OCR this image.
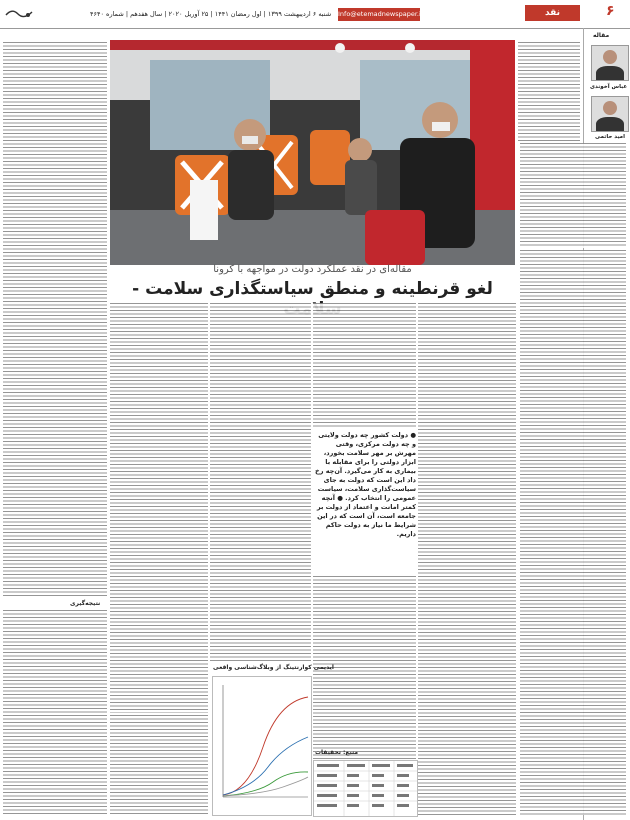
شنبه ۶ اردیبهشت ۱۳۹۹ | اول رمضان ۱۴۴۱ | ۲۵ آوریل ۲۰۲۰ | سال هفدهم | شماره ۴۶۴۰ Info@etemadnewspaper.ir	نقد	۶
مقاله
عباس آخوندی
امید حاتمی
مقاله‌ای در نقد عملکرد دولت در مواجهه با کرونا
لغو قرنطینه و منطق سیاستگذاری سلامت -
نتیجه‌گیری
● دولت کشور چه دولت ولایتی و چه دولت مرکزی، وقتی مهرش بر مهر سلامت بخورد، ابزار دولتی را برای مقابله با بیماری به کار می‌گیرد. آن‌چه رخ داد این است که دولت به جای سیاست‌گذاری سلامت، سیاست عمومی را انتخاب کرد. ● آنچه کمتر امانت و اعتماد از دولت بر جامعه است، آن است که در این شرایط ما نیاز به دولت حاکم داریم.
ایدیمی کوارنتینگ از وبلاگ‌شناسی واقعی
منبع: تحقیقات
